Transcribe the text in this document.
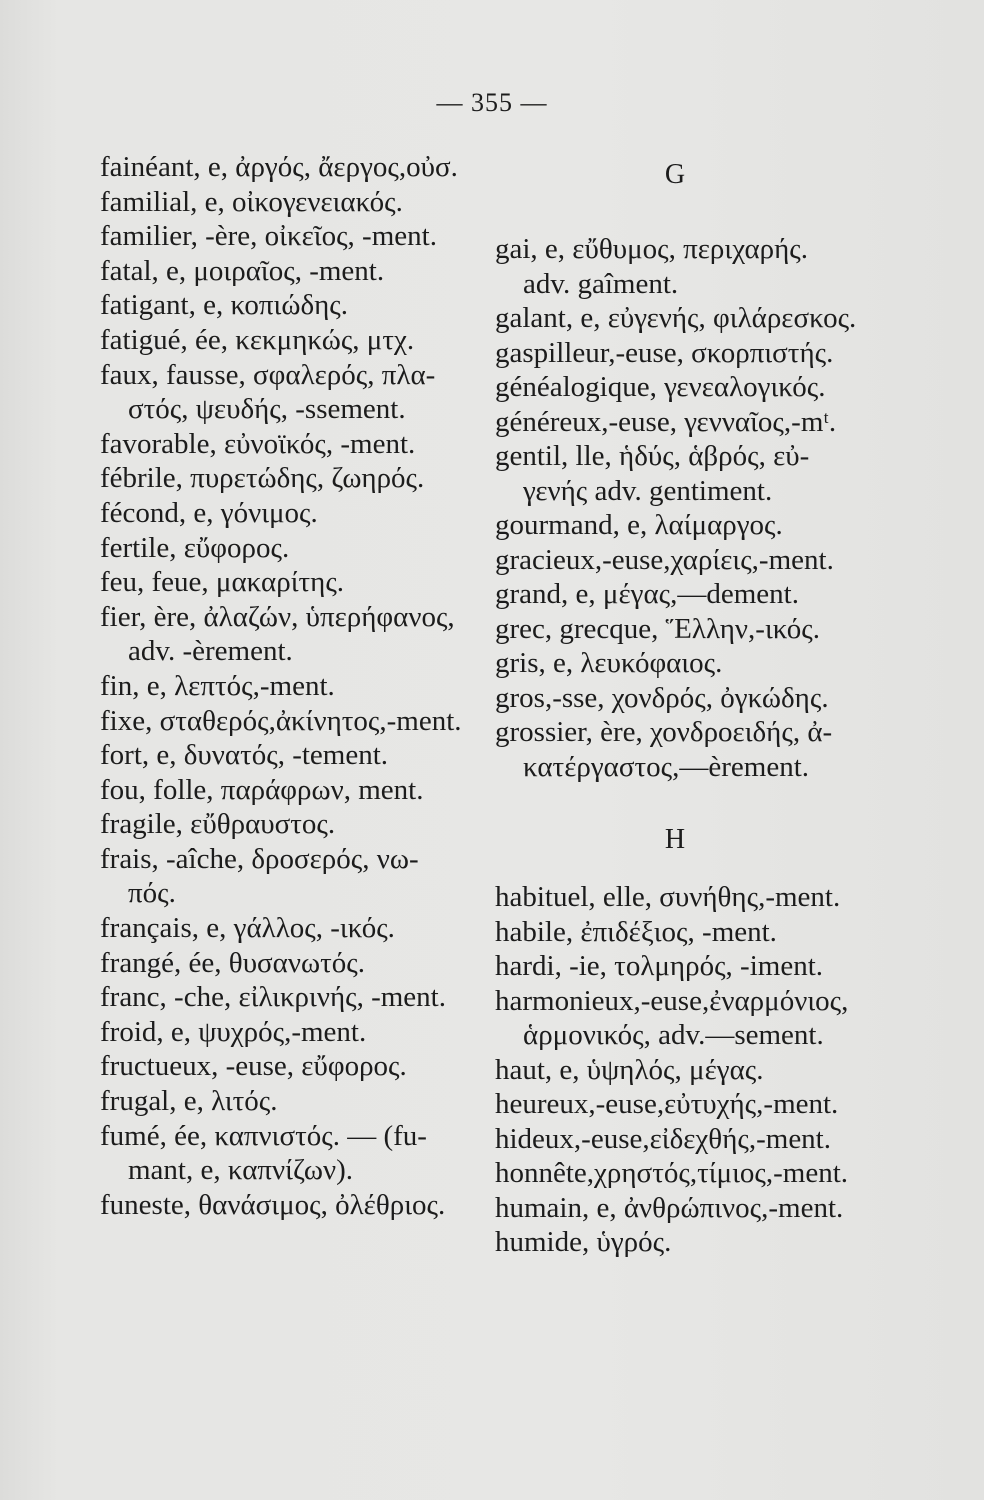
— 355 —
fainéant, e, ἀργός, ἄεργος,οὐσ.
familial, e, οἰκογενειακός.
familier, -ère, οἰκεῖος, -ment.
fatal, e, μοιραῖος, -ment.
fatigant, e, κοπιώδης.
fatigué, ée, κεκμηκώς, μτχ.
faux, fausse, σφαλερός, πλα-
στός, ψευδής, -ssement.
favorable, εὐνοϊκός, -ment.
fébrile, πυρετώδης, ζωηρός.
fécond, e, γόνιμος.
fertile, εὔφορος.
feu, feue, μακαρίτης.
fier, ère, ἀλαζών, ὑπερήφανος,
adv. -èrement.
fin, e, λεπτός,-ment.
fixe, σταθερός,ἀκίνητος,-ment.
fort, e, δυνατός, -tement.
fou, folle, παράφρων, ment.
fragile, εὔθραυστος.
frais, -aîche, δροσερός, νω-
πός.
français, e, γάλλος, -ικός.
frangé, ée, θυσανωτός.
franc, -che, εἰλικρινής, -ment.
froid, e, ψυχρός,-ment.
fructueux, -euse, εὔφορος.
frugal, e, λιτός.
fumé, ée, καπνιστός. — (fu-
mant, e, καπνίζων).
funeste, θανάσιμος, ὀλέθριος.
G
gai, e, εὔθυμος, περιχαρής.
adv. gaîment.
galant, e, εὐγενής, φιλάρεσκος.
gaspilleur,-euse, σκορπιστής.
généalogique, γενεαλογικός.
généreux,-euse, γενναῖος,-mᵗ.
gentil, lle, ἡδύς, ἁβρός, εὐ-
γενής adv. gentiment.
gourmand, e, λαίμαργος.
gracieux,-euse,χαρίεις,-ment.
grand, e, μέγας,—dement.
grec, grecque, Ἕλλην,-ικός.
gris, e, λευκόφαιος.
gros,-sse, χονδρός, ὀγκώδης.
grossier, ère, χονδροειδής, ἀ-
κατέργαστος,—èrement.
H
habituel, elle, συνήθης,-ment.
habile, ἐπιδέξιος, -ment.
hardi, -ie, τολμηρός, -iment.
harmonieux,-euse,ἐναρμόνιος,
ἁρμονικός, adv.—sement.
haut, e, ὑψηλός, μέγας.
heureux,-euse,εὐτυχής,-ment.
hideux,-euse,εἰδεχθής,-ment.
honnête,χρηστός,τίμιος,-ment.
humain, e, ἀνθρώπινος,-ment.
humide, ὑγρός.
